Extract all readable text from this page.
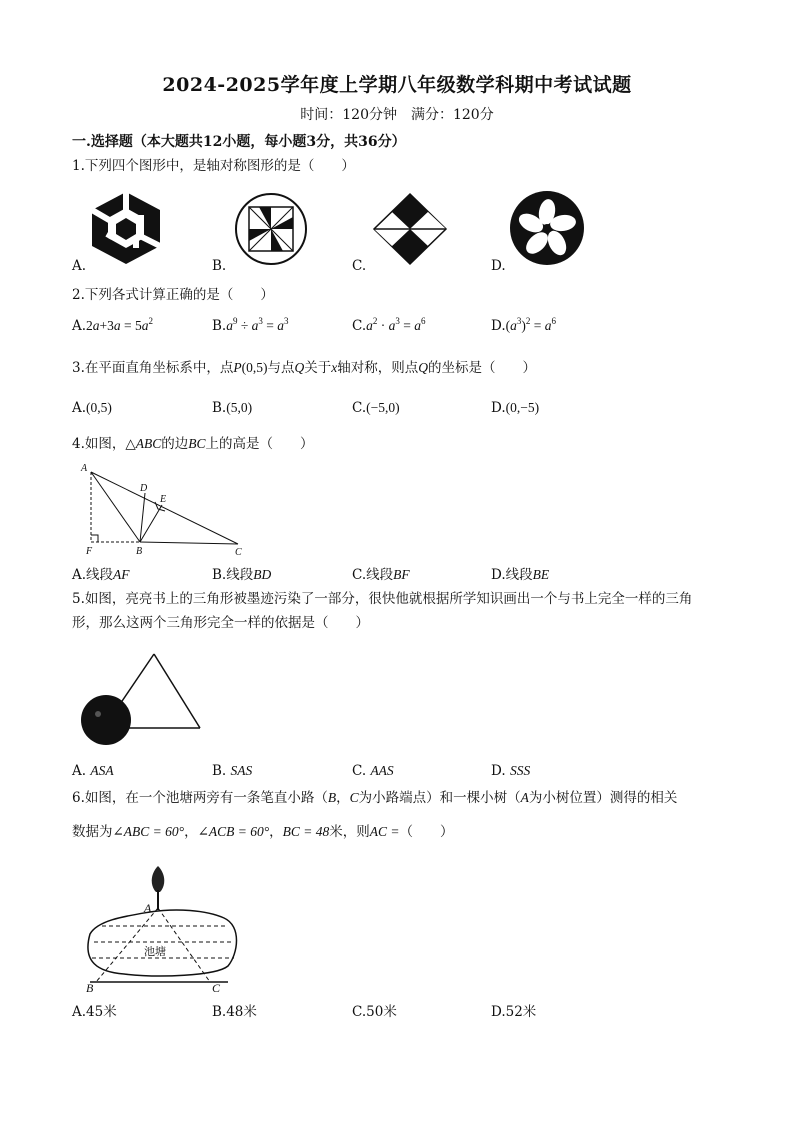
2024-2025学年度上学期八年级数学科期中考试试题
时间：120分钟　满分：120分
一.选择题（本大题共12小题，每小题3分，共36分）
1.下列四个图形中，是轴对称图形的是（　　）
A.	B.	C.	D.
2.下列各式计算正确的是（　　）
$A.2a+3a = 5a^2$	$B.a^9 \div a^3 = a^3$	$C.a^2 \cdot a^3 = a^6$	$D.(a^3)^2 = a^6$
3.在平面直角坐标系中，点P(0,5)与点Q关于x轴对称，则点Q的坐标是（　　）
A.(0,5)	B.(5,0)	C.(−5,0)	D.(0,−5)
4.如图，△ABC的边BC上的高是（　　）
A
D
E
F	B	C
A.线段AF	B.线段BD	C.线段BF	D.线段BE
5.如图，亮亮书上的三角形被墨迹污染了一部分，很快他就根据所学知识画出一个与书上完全一样的三角
形，那么这两个三角形完全一样的依据是（　　）
A. ASA	B. SAS	C. AAS	D. SSS
6.如图，在一个池塘两旁有一条笔直小路（B，C为小路端点）和一棵小树（A为小树位置）测得的相关
数据为∠ABC = 60°，∠ACB = 60°，BC = 48米，则AC =（　　）
A
B	C
池塘
A.45米	B.48米	C.50米	D.52米
